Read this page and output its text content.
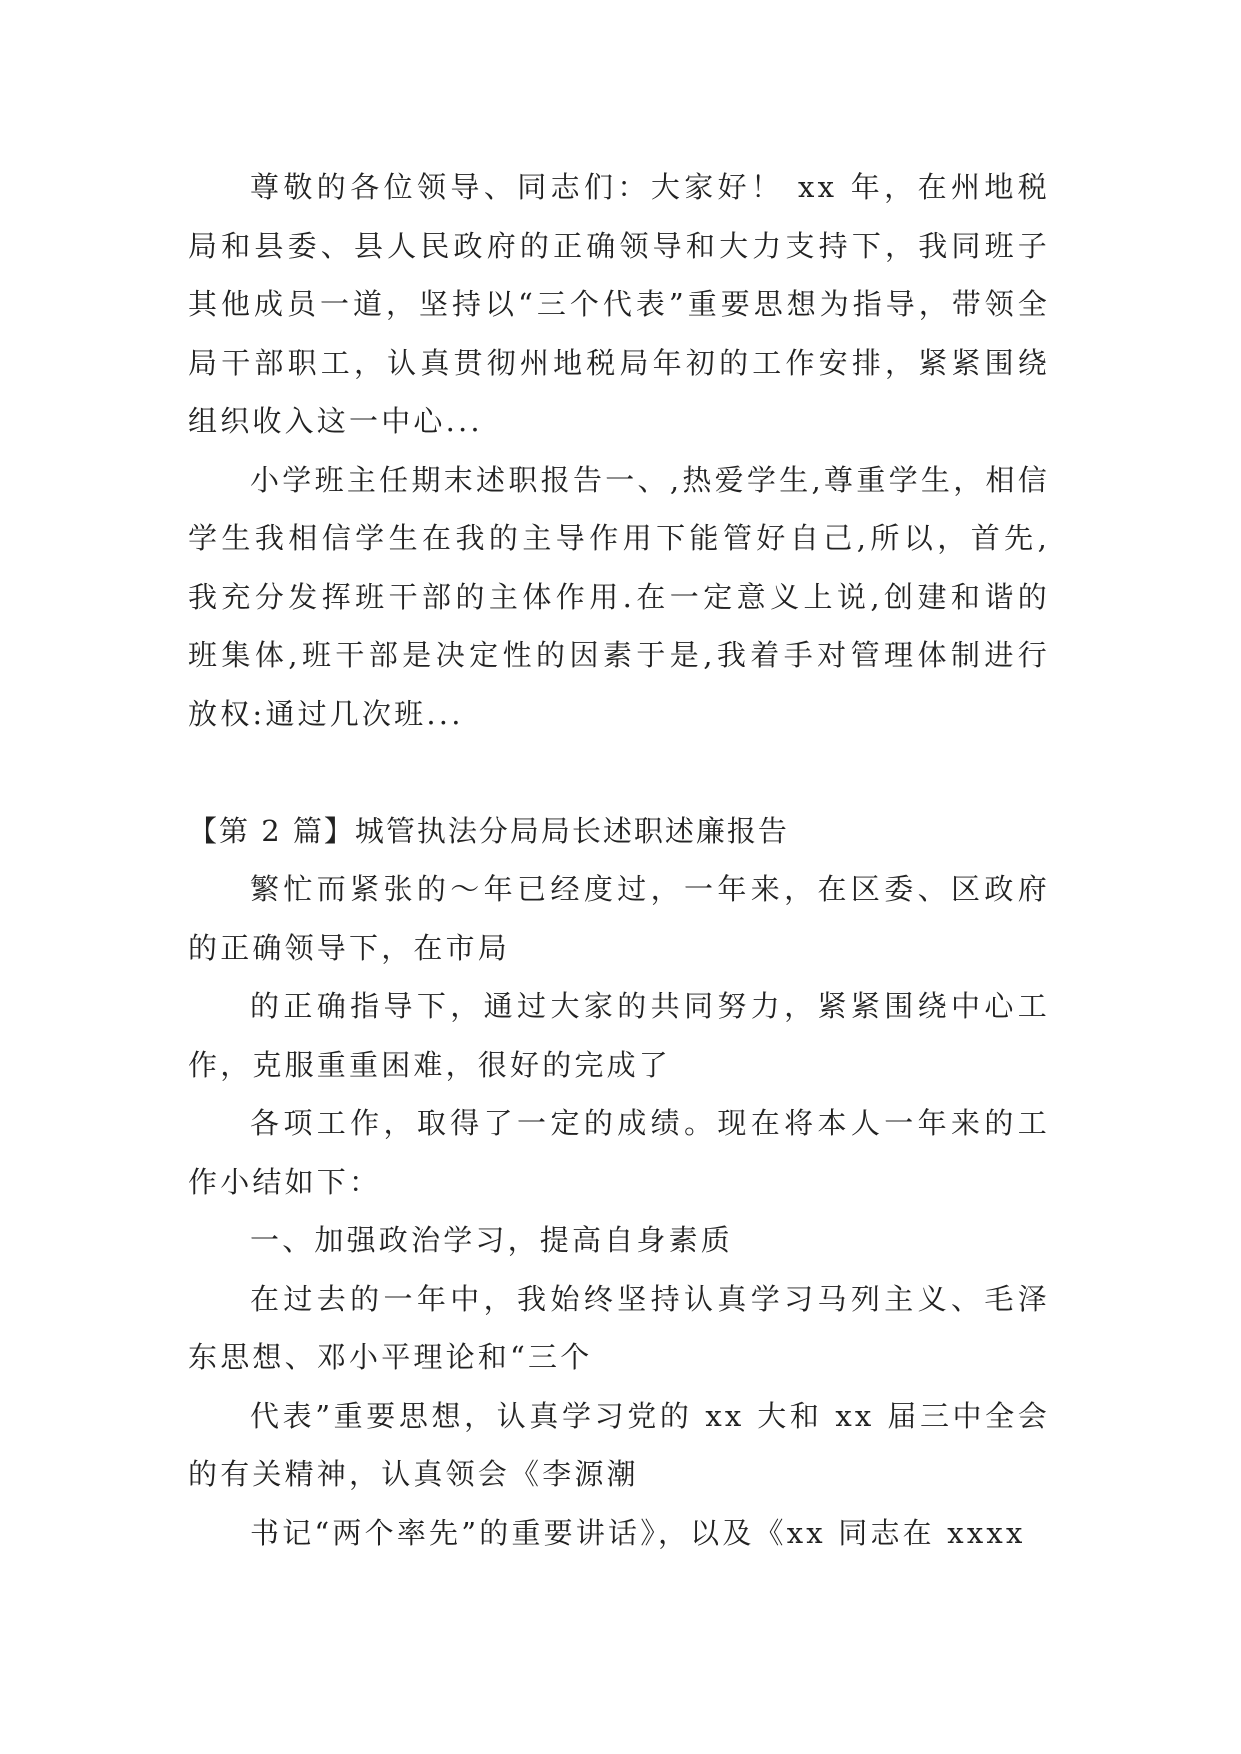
尊敬的各位领导、同志们：大家好！ xx 年，在州地税局和县委、县人民政府的正确领导和大力支持下，我同班子其他成员一道，坚持以“三个代表”重要思想为指导，带领全局干部职工，认真贯彻州地税局年初的工作安排，紧紧围绕组织收入这一中心...

小学班主任期末述职报告一、,热爱学生,尊重学生，相信学生我相信学生在我的主导作用下能管好自己,所以，首先,我充分发挥班干部的主体作用.在一定意义上说,创建和谐的班集体,班干部是决定性的因素于是,我着手对管理体制进行放权:通过几次班...

【第 2 篇】城管执法分局局长述职述廉报告

繁忙而紧张的～年已经度过，一年来，在区委、区政府的正确领导下，在市局

的正确指导下，通过大家的共同努力，紧紧围绕中心工作，克服重重困难，很好的完成了

各项工作，取得了一定的成绩。现在将本人一年来的工作小结如下：

一、加强政治学习，提高自身素质

在过去的一年中，我始终坚持认真学习马列主义、毛泽东思想、邓小平理论和“三个

代表”重要思想，认真学习党的 xx 大和 xx 届三中全会的有关精神，认真领会《李源潮

书记“两个率先”的重要讲话》，以及《xx 同志在 xxxx
